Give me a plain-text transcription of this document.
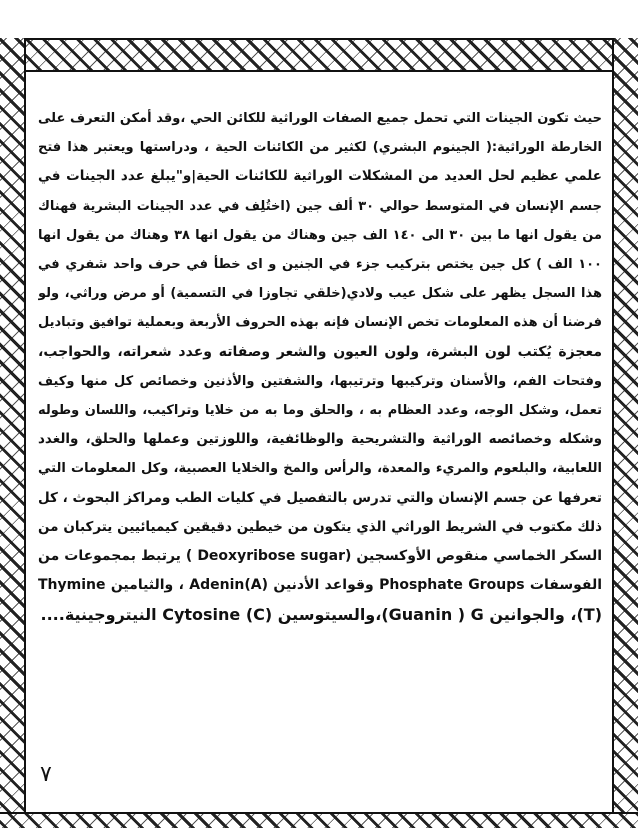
حيث تكون الجينات التي تحمل جميع الصفات الوراثية للكائن الحي ،وقد أمكن التعرف على
الخارطة الوراثية:( الجينوم البشري) لكثير من الكائنات الحية ، ودراستها ويعتبر هذا فتح
علمي عظيم لحل العديد من المشكلات الوراثية للكائنات الحية|و"يبلغ عدد الجينات في
جسم الإنسان في المتوسط حوالي ٣٠ ألف جين (اختُلِف في عدد الجينات البشرية فهناك
من يقول انها ما بين ٣٠ الى ١٤٠ الف جين وهناك من يقول انها ٣٨ وهناك من يقول انها
١٠٠ الف ) كل جين يختص بتركيب جزء في الجنين و اى خطأ في حرف واحد شفري في
هذا السجل يظهر على شكل عيب ولادي(خلقي تجاوزا في التسمية) أو مرض وراثي، ولو
فرضنا أن هذه المعلومات تخص الإنسان فإنه بهذه الحروف الأربعة وبعملية توافيق وتباديل
معجزة يُكتب لون البشرة، ولون العيون والشعر وصفاته وعدد شعراته، والحواجب،
وفتحات الفم، والأسنان وتركيبها وترتيبها، والشفتين والأذنين وخصائص كل منها وكيف
تعمل، وشكل الوجه، وعدد العظام به ، والحلق وما به من خلايا وتراكيب، واللسان وطوله
وشكله وخصائصه الوراثية والتشريحية والوظائفية، واللوزتين وعملها والحلق، والغدد
اللعابية، والبلعوم والمريء والمعدة، والرأس والمخ والخلايا العصبية، وكل المعلومات التي
تعرفها عن جسم الإنسان والتي تدرس بالتفصيل في كليات الطب ومراكز البحوث ، كل
ذلك مكتوب في الشريط الوراثي الذي يتكون من خيطين دقيقين كيميائيين يتركبان من
السكر الخماسي منقوص الأوكسجين (Deoxyribose sugar ) يرتبط بمجموعات من
الفوسفات Phosphate Groups وقواعد الأدنين (A)Adenin ، والثيامين Thymine
(T)، والجوانين Guanin ) G)،والسيتوسين Cytosine (C) النيتروجينية....
٧
